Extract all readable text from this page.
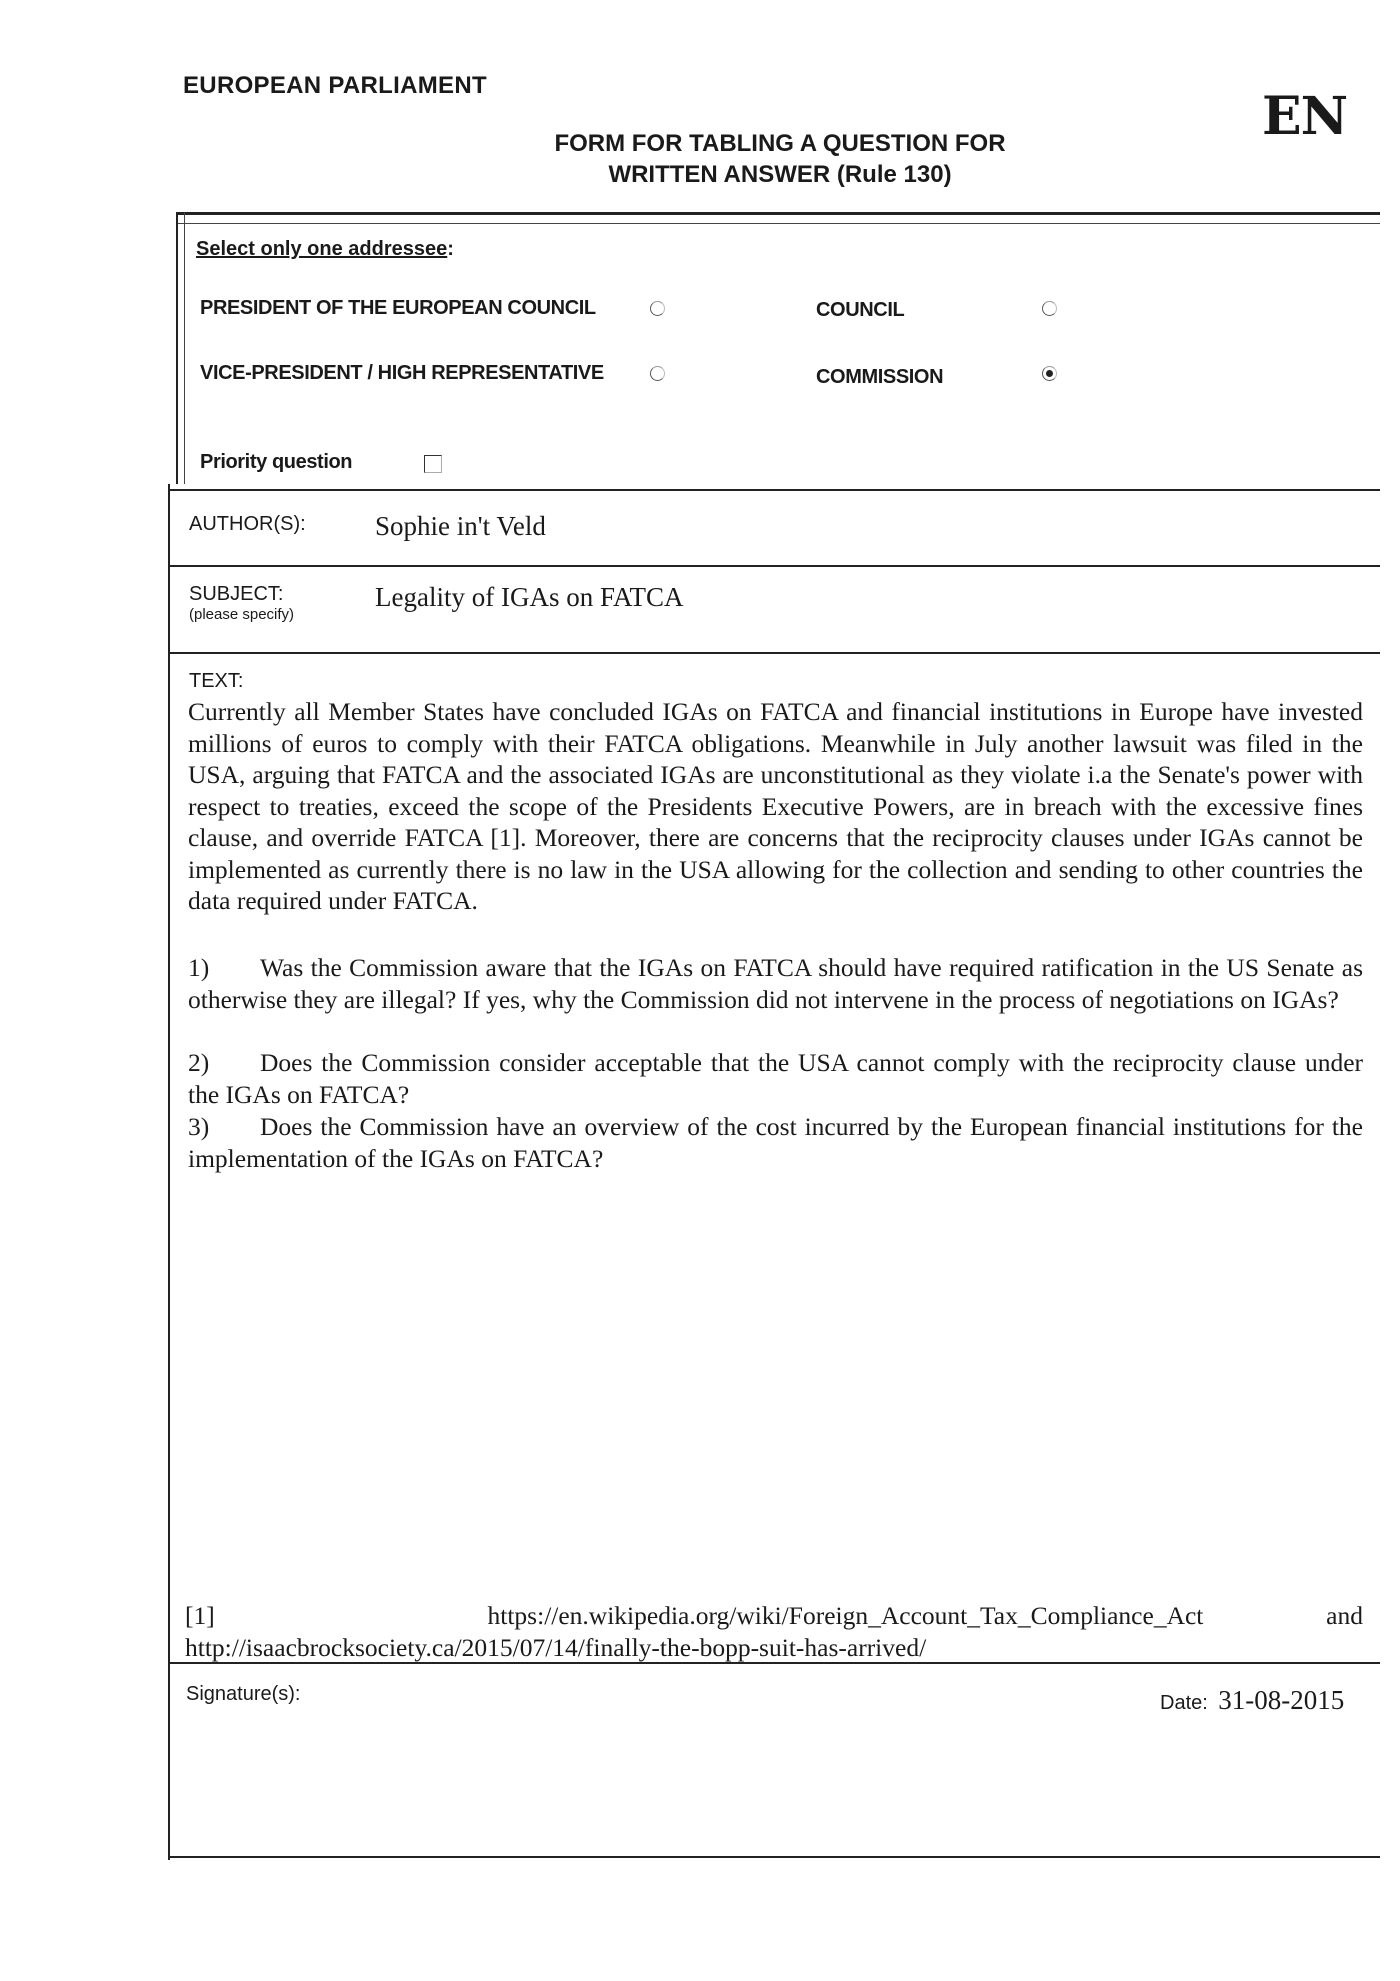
EUROPEAN PARLIAMENT
EN
FORM FOR TABLING A QUESTION FOR
WRITTEN ANSWER (Rule 130)
Select only one addressee:
PRESIDENT OF THE EUROPEAN COUNCIL	COUNCIL
VICE-PRESIDENT / HIGH REPRESENTATIVE	COMMISSION
Priority question
AUTHOR(S):	Sophie in't Veld
SUBJECT:
(please specify)
Legality of IGAs on FATCA
TEXT:

Currently all Member States have concluded IGAs on FATCA and financial institutions in Europe have invested millions of euros to comply with their FATCA obligations. Meanwhile in July another lawsuit was filed in the USA, arguing that FATCA and the associated IGAs are unconstitutional as they violate i.a the Senate's power with respect to treaties, exceed the scope of the Presidents Executive Powers, are in breach with the excessive fines clause, and override FATCA [1]. Moreover, there are concerns that the reciprocity clauses under IGAs cannot be implemented as currently there is no law in the USA allowing for the collection and sending to other countries the data required under FATCA.

1) Was the Commission aware that the IGAs on FATCA should have required ratification in the US Senate as otherwise they are illegal? If yes, why the Commission did not intervene in the process of negotiations on IGAs?

2) Does the Commission consider acceptable that the USA cannot comply with the reciprocity clause under the IGAs on FATCA?

3) Does the Commission have an overview of the cost incurred by the European financial institutions for the implementation of the IGAs on FATCA?

[1]	https://en.wikipedia.org/wiki/Foreign_Account_Tax_Compliance_Act	and
http://isaacbrocksociety.ca/2015/07/14/finally-the-bopp-suit-has-arrived/
Signature(s):	Date: 31-08-2015
